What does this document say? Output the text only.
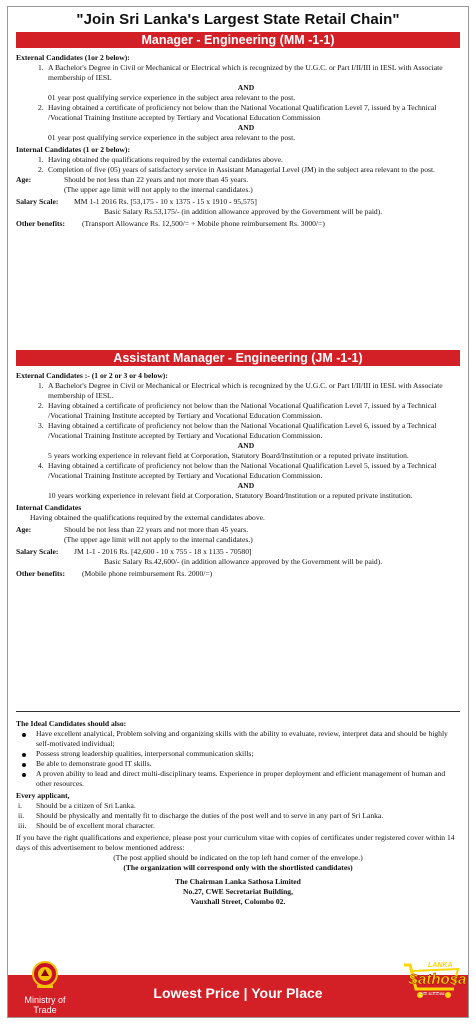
"Join Sri Lanka's Largest State Retail Chain"
Manager - Engineering (MM -1-1)

External Candidates (1or 2 below):

1. A Bachelor's Degree in Civil or Mechanical or Electrical which is recognized by the U.G.C. or Part I/II/III in IESL with Associate membership of IESL

AND

01 year post qualifying service experience in the subject area relevant to the post.

2. Having obtained a certificate of proficiency not below than the National Vocational Qualification Level 7, issued by a Technical /Vocational Training Institute accepted by Tertiary and Vocational Education Commission

AND

01 year post qualifying service experience in the subject area relevant to the post.

Internal Candidates (1 or 2 below):

1. Having obtained the qualifications required by the external candidates above.
2. Completion of five (05) years of satisfactory service in Assistant Managerial Level (JM) in the subject area relevant to the post.
Age:	Should be not less than 22 years and not more than 45 years.

(The upper age limit will not apply to the internal candidates.)

Salary Scale: MM 1-1 2016 Rs. [53,175 - 10 x 1375 - 15 x 1910 - 95,575]

Basic Salary Rs.53,175/- (in addition allowance approved by the Government will be paid).

Other benefits: (Transport Allowance Rs. 12,500/= + Mobile phone reimbursement Rs. 3000/=)

Assistant Manager - Engineering (JM -1-1)

External Candidates :- (1 or 2 or 3 or 4 below):

1. A Bachelor's Degree in Civil or Mechanical or Electrical which is recognized by the U.G.C. or Part I/II/III in IESL with Associate membership of IESL.
2. Having obtained a certificate of proficiency not below than the National Vocational Qualification Level 7, issued by a Technical /Vocational Training Institute accepted by Tertiary and Vocational Education Commission.
3. Having obtained a certificate of proficiency not below than the National Vocational Qualification Level 6, issued by a Technical /Vocational Training Institute accepted by Tertiary and Vocational Education Commission.

AND

5 years working experience in relevant field at Corporation, Statutory Board/Institution or a reputed private institution.

4. Having obtained a certificate of proficiency not below than the National Vocational Qualification Level 5, issued by a Technical /Vocational Training Institute accepted by Tertiary and Vocational Education Commission.

AND

10 years working experience in relevant field at Corporation, Statutory Board/Institution or a reputed private institution.

Internal Candidates

Having obtained the qualifications required by the external candidates above.

Age:	Should be not less than 22 years and not more than 45 years.

(The upper age limit will not apply to the internal candidates.)

Salary Scale: JM 1-1 - 2016 Rs. [42,600 - 10 x 755 - 18 x 1135 - 70580]

Basic Salary Rs.42,600/- (in addition allowance approved by the Government will be paid).

Other benefits: (Mobile phone reimbursement Rs. 2000/=)

The Ideal Candidates should also:

Have excellent analytical, Problem solving and organizing skills with the ability to evaluate, review, interpret data and should be highly self-motivated individual;
Possess strong leadership qualities, interpersonal communication skills;
Be able to demonstrate good IT skills.
A proven ability to lead and direct multi-disciplinary teams. Experience in proper deployment and efficient management of human and other resources.

Every applicant,

i. Should be a citizen of Sri Lanka.
ii. Should be physically and mentally fit to discharge the duties of the post well and to serve in any part of Sri Lanka.
iii. Should be of excellent moral character.

If you have the right qualifications and experience, please post your curriculum vitae with copies of certificates under registered cover within 14 days of this advertisement to below mentioned address:

(The post applied should be indicated on the top left hand corner of the envelope.)

(The organization will correspond only with the shortlisted candidates)

The Chairman Lanka Sathosa Limited

No.27, CWE Secretariat Building,

Vauxhall Street, Colombo 02.

Lowest Price | Your Place
Ministry of Trade
LANKA
Sathosa
ලක සතොස
